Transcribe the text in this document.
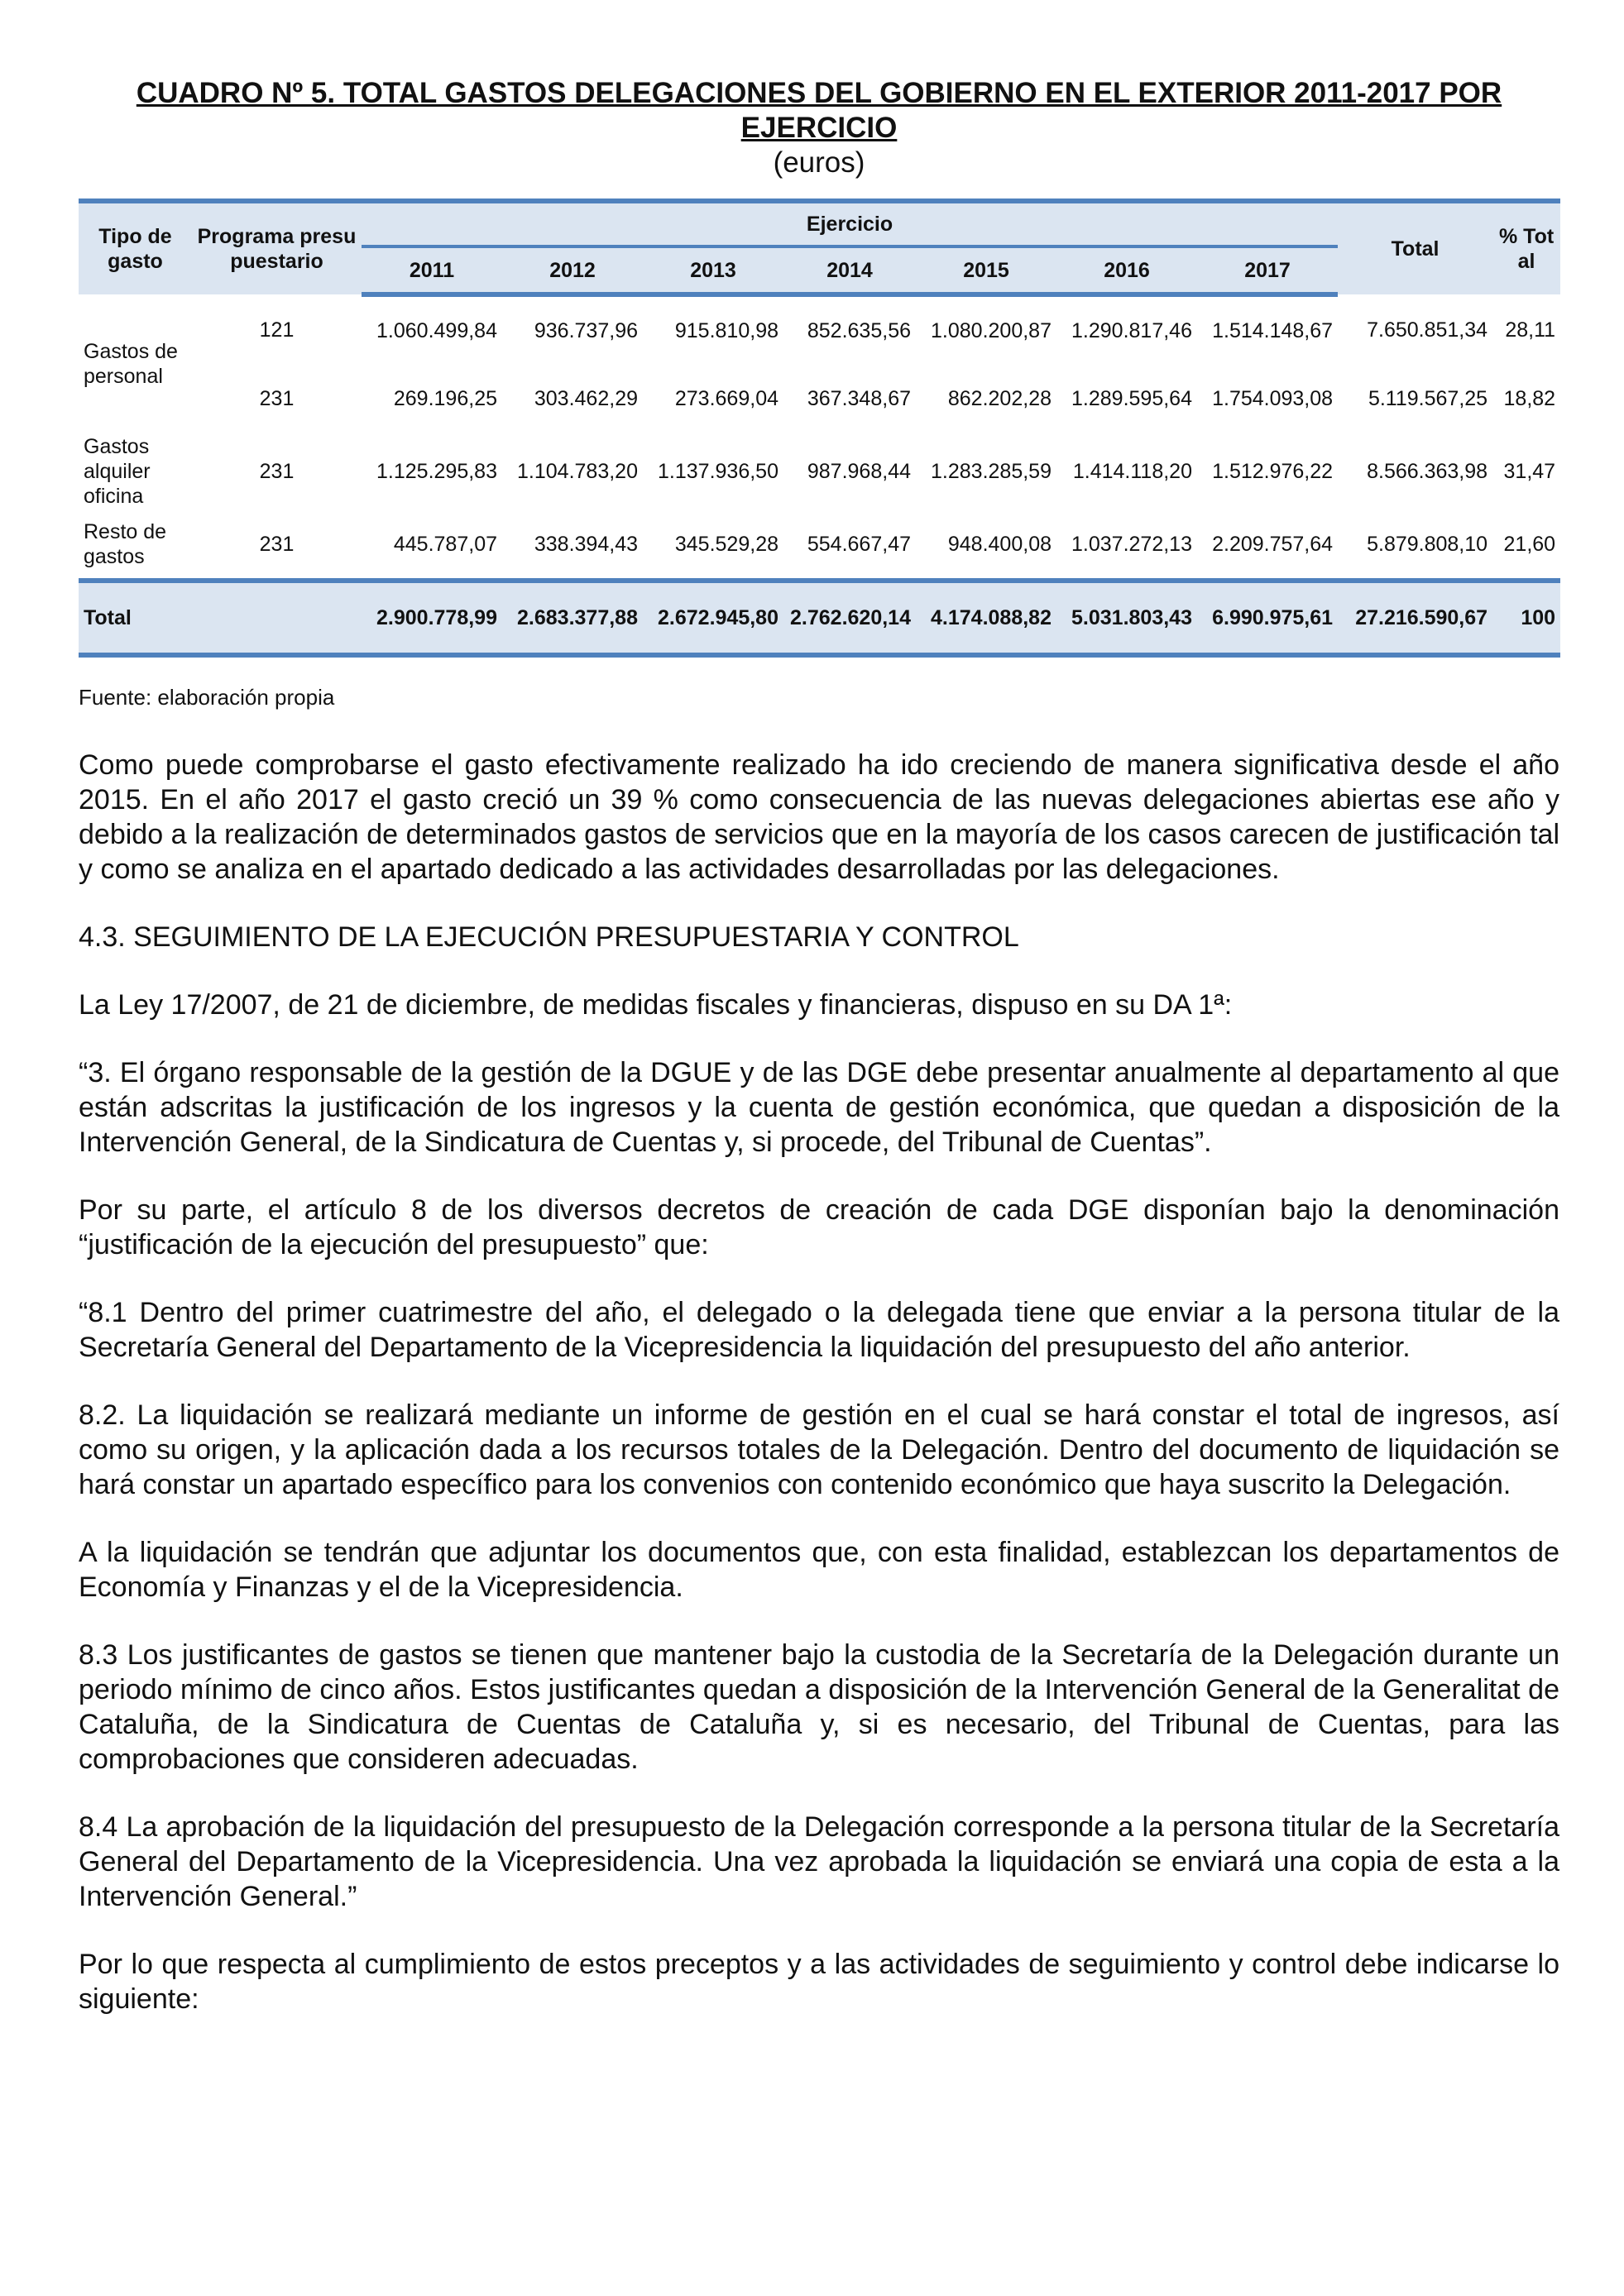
CUADRO Nº 5. TOTAL GASTOS DELEGACIONES DEL GOBIERNO EN EL EXTERIOR 2011-2017 POR EJERCICIO
(euros)
Tipo de gasto	Programa presupuestario	Ejercicio							Total	% Total
		2011	2012	2013	2014	2015	2016	2017		
Gastos de personal	121	1.060.499,84	936.737,96	915.810,98	852.635,56	1.080.200,87	1.290.817,46	1.514.148,67	7.650.851,34	28,11
	231	269.196,25	303.462,29	273.669,04	367.348,67	862.202,28	1.289.595,64	1.754.093,08	5.119.567,25	18,82
Gastos alquiler oficina	231	1.125.295,83	1.104.783,20	1.137.936,50	987.968,44	1.283.285,59	1.414.118,20	1.512.976,22	8.566.363,98	31,47
Resto de gastos	231	445.787,07	338.394,43	345.529,28	554.667,47	948.400,08	1.037.272,13	2.209.757,64	5.879.808,10	21,60
Total		2.900.778,99	2.683.377,88	2.672.945,80	2.762.620,14	4.174.088,82	5.031.803,43	6.990.975,61	27.216.590,67	100
Fuente: elaboración propia

Como puede comprobarse el gasto efectivamente realizado ha ido creciendo de manera significativa desde el año 2015. En el año 2017 el gasto creció un 39 % como consecuencia de las nuevas delegaciones abiertas ese año y debido a la realización de determinados gastos de servicios que en la mayoría de los casos carecen de justificación tal y como se analiza en el apartado dedicado a las actividades desarrolladas por las delegaciones.

4.3. SEGUIMIENTO DE LA EJECUCIÓN PRESUPUESTARIA Y CONTROL

La Ley 17/2007, de 21 de diciembre, de medidas fiscales y financieras, dispuso en su DA 1ª:

“3. El órgano responsable de la gestión de la DGUE y de las DGE debe presentar anualmente al departamento al que están adscritas la justificación de los ingresos y la cuenta de gestión económica, que quedan a disposición de la Intervención General, de la Sindicatura de Cuentas y, si procede, del Tribunal de Cuentas”.

Por su parte, el artículo 8 de los diversos decretos de creación de cada DGE disponían bajo la denominación “justificación de la ejecución del presupuesto” que:

“8.1 Dentro del primer cuatrimestre del año, el delegado o la delegada tiene que enviar a la persona titular de la Secretaría General del Departamento de la Vicepresidencia la liquidación del presupuesto del año anterior.

8.2. La liquidación se realizará mediante un informe de gestión en el cual se hará constar el total de ingresos, así como su origen, y la aplicación dada a los recursos totales de la Delegación. Dentro del documento de liquidación se hará constar un apartado específico para los convenios con contenido económico que haya suscrito la Delegación.

A la liquidación se tendrán que adjuntar los documentos que, con esta finalidad, establezcan los departamentos de Economía y Finanzas y el de la Vicepresidencia.

8.3 Los justificantes de gastos se tienen que mantener bajo la custodia de la Secretaría de la Delegación durante un periodo mínimo de cinco años. Estos justificantes quedan a disposición de la Intervención General de la Generalitat de Cataluña, de la Sindicatura de Cuentas de Cataluña y, si es necesario, del Tribunal de Cuentas, para las comprobaciones que consideren adecuadas.

8.4 La aprobación de la liquidación del presupuesto de la Delegación corresponde a la persona titular de la Secretaría General del Departamento de la Vicepresidencia. Una vez aprobada la liquidación se enviará una copia de esta a la Intervención General.”

Por lo que respecta al cumplimiento de estos preceptos y a las actividades de seguimiento y control debe indicarse lo siguiente:
